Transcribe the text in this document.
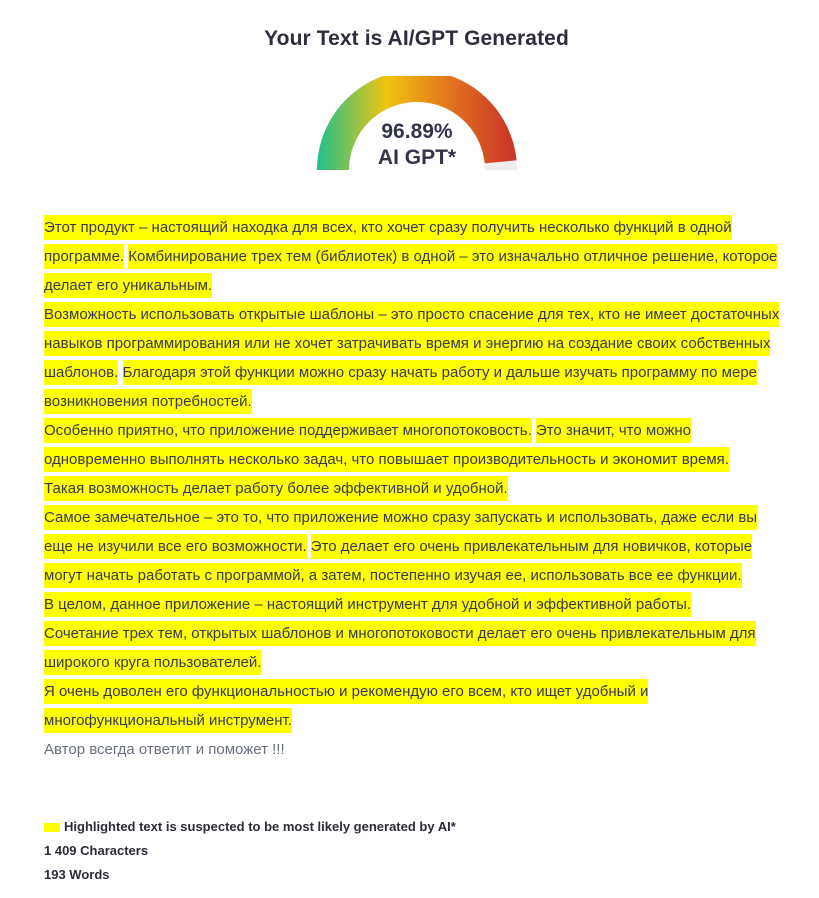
Your Text is AI/GPT Generated
96.89%
AI GPT*
Этот продукт – настоящий находка для всех, кто хочет сразу получить несколько функций в одной программе. Комбинирование трех тем (библиотек) в одной – это изначально отличное решение, которое делает его уникальным.
Возможность использовать открытые шаблоны – это просто спасение для тех, кто не имеет достаточных навыков программирования или не хочет затрачивать время и энергию на создание своих собственных шаблонов. Благодаря этой функции можно сразу начать работу и дальше изучать программу по мере возникновения потребностей.
Особенно приятно, что приложение поддерживает многопотоковость. Это значит, что можно одновременно выполнять несколько задач, что повышает производительность и экономит время.
Такая возможность делает работу более эффективной и удобной.
Самое замечательное – это то, что приложение можно сразу запускать и использовать, даже если вы еще не изучили все его возможности. Это делает его очень привлекательным для новичков, которые могут начать работать с программой, а затем, постепенно изучая ее, использовать все ее функции.
В целом, данное приложение – настоящий инструмент для удобной и эффективной работы.
Сочетание трех тем, открытых шаблонов и многопотоковости делает его очень привлекательным для широкого круга пользователей.
Я очень доволен его функциональностью и рекомендую его всем, кто ищет удобный и многофункциональный инструмент.
Автор всегда ответит и поможет !!!
Highlighted text is suspected to be most likely generated by AI*
1 409 Characters
193 Words
